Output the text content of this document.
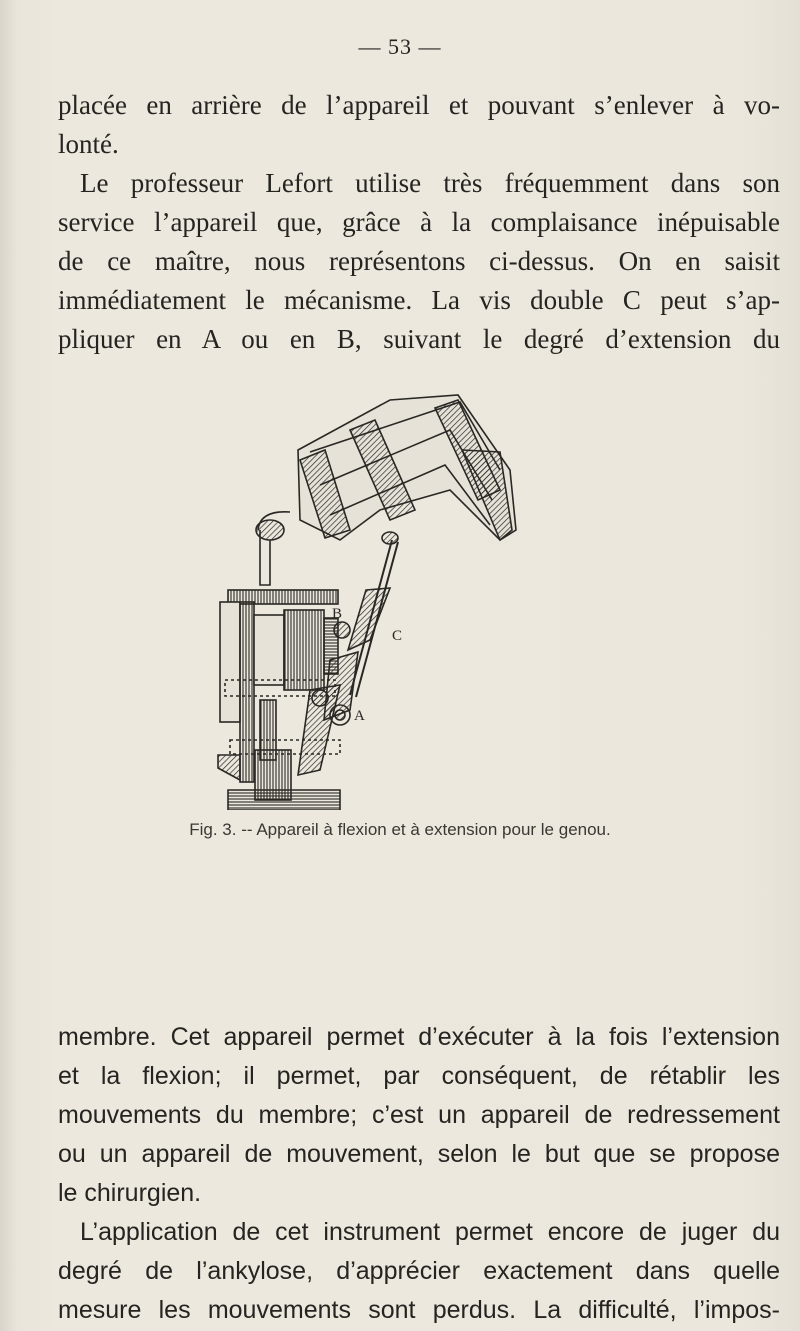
— 53 —
placée en arrière de l’appareil et pouvant s’enlever à vo-
lonté.
Le professeur Lefort utilise très fréquemment dans son
service l’appareil que, grâce à la complaisance inépuisable
de ce maître, nous représentons ci-dessus. On en saisit
immédiatement le mécanisme. La vis double C peut s’ap-
pliquer en A ou en B, suivant le degré d’extension du
B
C
A
Fig. 3. -- Appareil à flexion et à extension pour le genou.
membre. Cet appareil permet d’exécuter à la fois l’extension
et la flexion; il permet, par conséquent, de rétablir les
mouvements du membre; c’est un appareil de redressement
ou un appareil de mouvement, selon le but que se propose
le chirurgien.
L’application de cet instrument permet encore de juger du
degré de l’ankylose, d’apprécier exactement dans quelle
mesure les mouvements sont perdus. La difficulté, l’impos-
